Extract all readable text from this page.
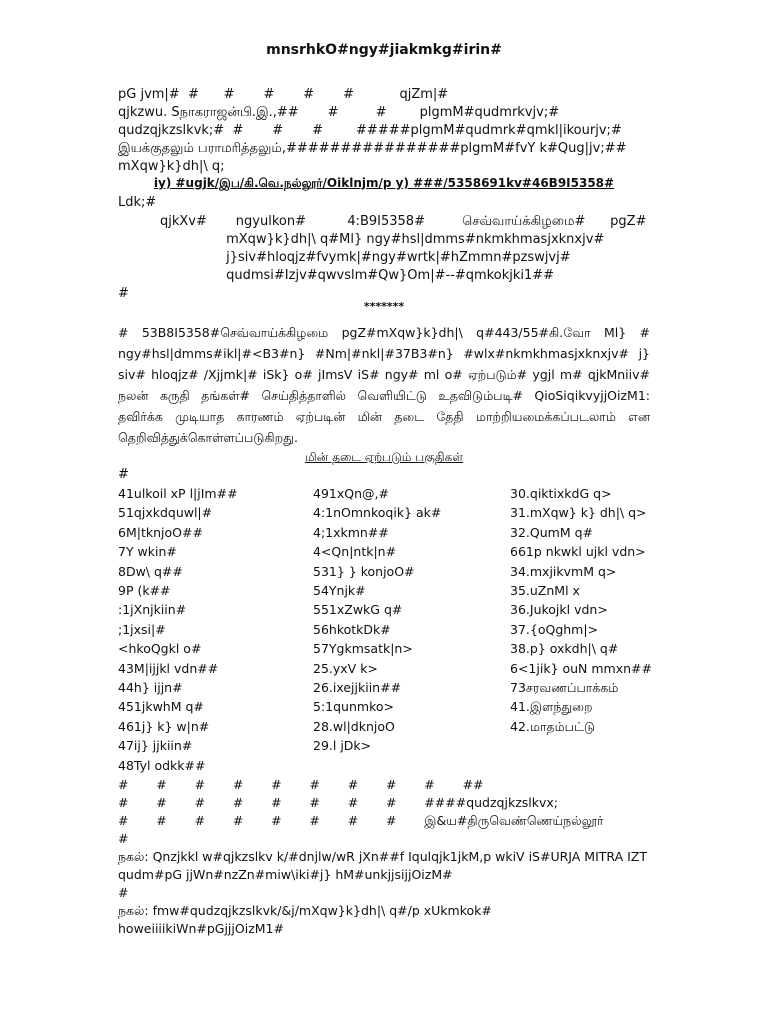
mnsrhkO#ngy#jiakmkg#irin#
pG jvm|#  #      #       #       #       #           qjZm|#
qjkzwu. Sநாகராஜன்பி.இ.,##       #         #        plgmM#qudmrkvjv;#
qudzqjkzslkvk;#  #       #       #        #####plgmM#qudmrk#qmkl|ikourjv;#
இயக்குதலும் பராமரித்தலும்,################plgmM#fvY k#Qug|jv;##
mXqw}k}dh|\ q;
iy) #ugjk/இப/கி.வெ.நல்லூர்/Oiklnjm/p y) ###/5358691kv#46B9I5358#
Ldk;#
qjkXv#       ngyulkon#          4:B9I5358#         செவ்வாய்க்கிழமை#      pgZ#
mXqw}k}dh|\ q#Ml} ngy#hsl|dmms#nkmkhmasjxknxjv#
j}siv#hloqjz#fvymk|#ngy#wrtk|#hZmmn#pzswjvj#
qudmsi#Izjv#qwvslm#Qw}Om|#--#qmkokjki1##
#
*******
# 53B8I5358#செவ்வாய்க்கிழமை pgZ#mXqw}k}dh|\ q#443/55#கி.வோ Ml} # ngy#hsl|dmms#ikl|#<B3#n} #Nm|#nkl|#37B3#n} #wlx#nkmkhmasjxknxjv# j} siv# hloqjz# /Xjjmk|# iSk} o# jImsV iS# ngy# ml o# ஏற்படும்# ygjl m# qjkMniiv# நலன் கருதி தங்கள்# செய்தித்தாளில் வெளியிட்டு உதவிடும்படி# QioSiqikvyjjOizM1: தவிர்க்க முடியாத காரணம் ஏற்படின் மின் தடை தேதி மாற்றியமைக்கப்படலாம் என தெறிவித்துக்கொள்ளப்படுகிறது.
மின் தடை ஏற்படும் பகுதிகள்
#
41ulkoil xP l|jIm##
51qjxkdquwl|#
6M|tknjoO##
7Y wkin#
8Dw\ q##
9P (k##
:1jXnjkiin#
;1jxsi|#
<hkoQgkl o#
43M|ijjkl vdn##
44h} ijjn#
451jkwhM q#
461j} k} w|n#
47ij} jjkiin#
48Tyl odkk##
491xQn@,#
4:1nOmnkoqik} ak#
4;1xkmn##
4<Qn|ntk|n#
531} } konjoO#
54Ynjk#
551xZwkG q#
56hkotkDk#
57Ygkmsatk|n>
25.yxV k>
26.ixejjkiin##
5:1qunmko>
28.wl|dknjoO
29.l jDk>
30.qiktixkdG q>
31.mXqw} k} dh|\ q>
32.QumM q#
661p nkwkl ujkl vdn>
34.mxjikvmM q>
35.uZnMl x
36.Jukojkl vdn>
37.{oQghm|>
38.p} oxkdh|\ q#
6<1jik} ouN mmxn##
73சரவணப்பாக்கம்
41.இளந்துறை
42.மாதம்பட்டு
#       #       #       #       #       #       #       #       #       ##
#       #       #       #       #       #       #       #       ####qudzqjkzslkvx;
#       #       #       #       #       #       #       #       இ&ய#திருவெண்ணெய்நல்லூர்
#
நகல்: Qnzjkkl w#qjkzslkv k/#dnjlw/wR jXn##f Iqulqjk1jkM,p wkiV iS#URJA MITRA IZT qudm#pG jjWn#nzZn#miw\iki#j} hM#unkjjsijjOizM#
#
நகல்: fmw#qudzqjkzslkvk/&j/mXqw}k}dh|\ q#/p xUkmkok# howeiiiikiWn#pGjjjOizM1#
